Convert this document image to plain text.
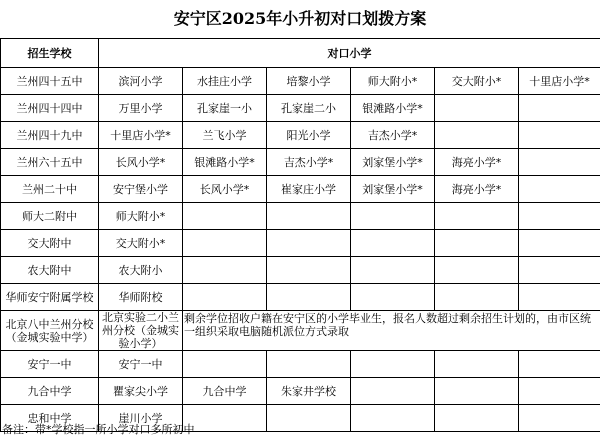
安宁区2025年小升初对口划拨方案
招生学校	对口小学					
兰州四十五中	滨河小学	水挂庄小学	培黎小学	师大附小*	交大附小*	十里店小学*
兰州四十四中	万里小学	孔家崖一小	孔家崖二小	银滩路小学*		
兰州四十九中	十里店小学*	兰飞小学	阳光小学	吉杰小学*		
兰州六十五中	长风小学*	银滩路小学*	吉杰小学*	刘家堡小学*	海亮小学*	
兰州二十中	安宁堡小学	长风小学*	崔家庄小学	刘家堡小学*	海亮小学*	
师大二附中	师大附小*					
交大附中	交大附小*					
农大附中	农大附小					
华师安宁附属学校	华师附校					
北京八中兰州分校（金城实验中学）	北京实验二小兰州分校（金城实验小学）	剩余学位招收户籍在安宁区的小学毕业生，报名人数超过剩余招生计划的，由市区统一组织采取电脑随机派位方式录取				
安宁一中	安宁一中					
九合中学	瞿家尖小学	九合中学	朱家井学校			
忠和中学	崖川小学					
备注：带*学校指一所小学对口多所初中
